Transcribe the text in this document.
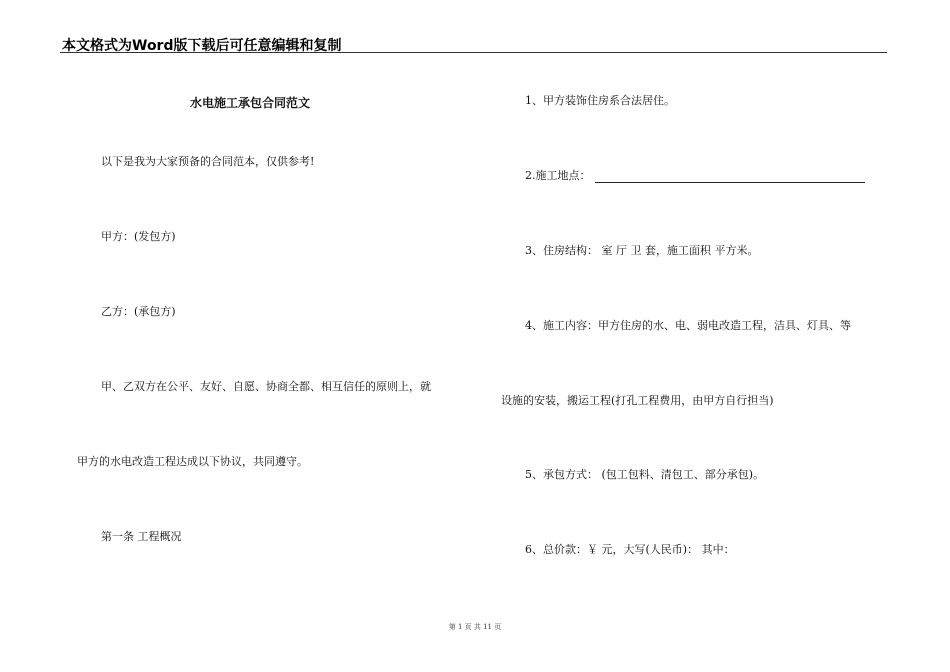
本文格式为Word版下载后可任意编辑和复制
水电施工承包合同范文
以下是我为大家预备的合同范本，仅供参考!
甲方：(发包方)
乙方：(承包方)
甲、乙双方在公平、友好、自愿、协商全都、相互信任的原则上，就
甲方的水电改造工程达成以下协议，共同遵守。
第一条 工程概况
1、甲方装饰住房系合法居住。
2.施工地点：
3、住房结构： 室 厅 卫 套，施工面积 平方米。
4、施工内容：甲方住房的水、电、弱电改造工程，洁具、灯具、等
设施的安装，搬运工程(打孔工程费用，由甲方自行担当)
5、承包方式： (包工包料、清包工、部分承包)。
6、总价款：￥ 元，大写(人民币)： 其中：
第 1 页 共 11 页
